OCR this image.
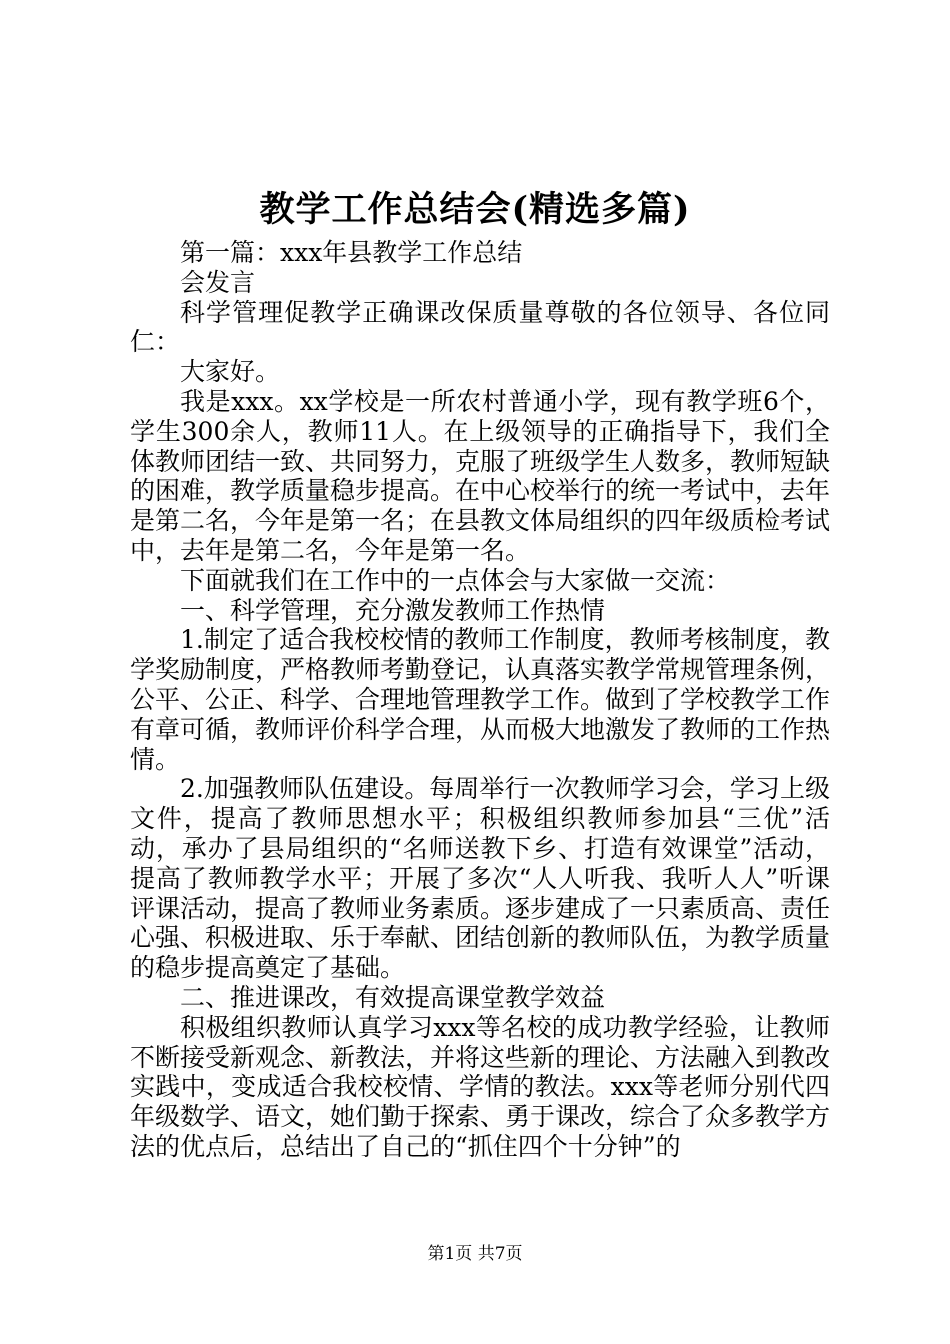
教学工作总结会(精选多篇)

第一篇：xxx年县教学工作总结

会发言

科学管理促教学正确课改保质量尊敬的各位领导、各位同仁：

大家好。

我是xxx。xx学校是一所农村普通小学，现有教学班6个，学生300余人，教师11人。在上级领导的正确指导下，我们全体教师团结一致、共同努力，克服了班级学生人数多，教师短缺的困难，教学质量稳步提高。在中心校举行的统一考试中，去年是第二名，今年是第一名；在县教文体局组织的四年级质检考试中，去年是第二名，今年是第一名。

下面就我们在工作中的一点体会与大家做一交流：

一、科学管理，充分激发教师工作热情

1.制定了适合我校校情的教师工作制度，教师考核制度，教学奖励制度，严格教师考勤登记，认真落实教学常规管理条例，公平、公正、科学、合理地管理教学工作。做到了学校教学工作有章可循，教师评价科学合理，从而极大地激发了教师的工作热情。

2.加强教师队伍建设。每周举行一次教师学习会，学习上级文件，提高了教师思想水平；积极组织教师参加县“三优”活动，承办了县局组织的“名师送教下乡、打造有效课堂”活动，提高了教师教学水平；开展了多次“人人听我、我听人人”听课评课活动，提高了教师业务素质。逐步建成了一只素质高、责任心强、积极进取、乐于奉献、团结创新的教师队伍，为教学质量的稳步提高奠定了基础。

二、推进课改，有效提高课堂教学效益

积极组织教师认真学习xxx等名校的成功教学经验，让教师不断接受新观念、新教法，并将这些新的理论、方法融入到教改实践中，变成适合我校校情、学情的教法。xxx等老师分别代四年级数学、语文，她们勤于探索、勇于课改，综合了众多教学方法的优点后，总结出了自己的“抓住四个十分钟”的

第1页 共7页
